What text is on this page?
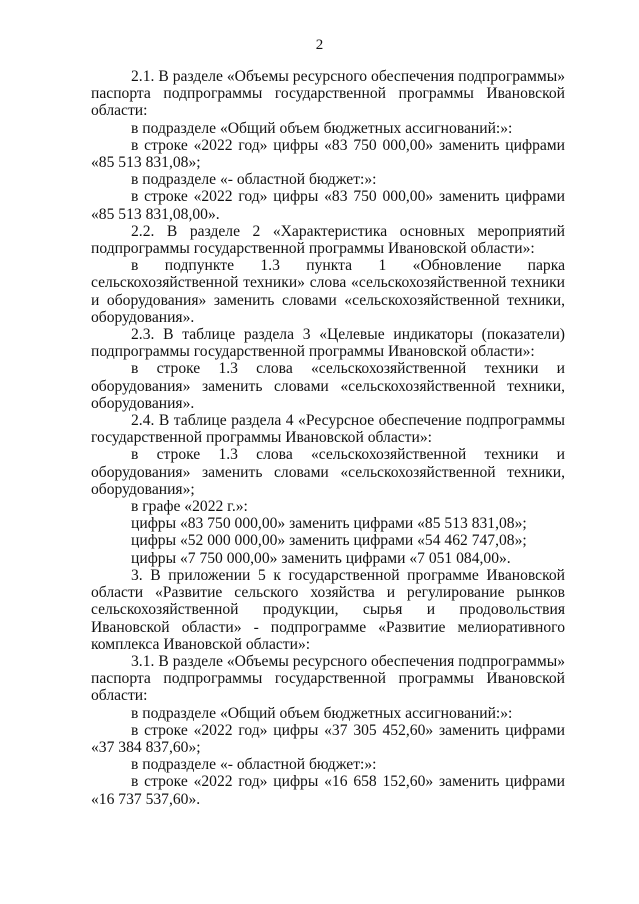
2

2.1. В разделе «Объемы ресурсного обеспечения подпрограммы» паспорта подпрограммы государственной программы Ивановской области:

в подразделе «Общий объем бюджетных ассигнований:»:

в строке «2022 год» цифры «83 750 000,00» заменить цифрами «85 513 831,08»;

в подразделе «- областной бюджет:»:

в строке «2022 год» цифры «83 750 000,00» заменить цифрами «85 513 831,08,00».

2.2. В разделе 2 «Характеристика основных мероприятий подпрограммы государственной программы Ивановской области»:

в подпункте 1.3 пункта 1 «Обновление парка сельскохозяйственной техники» слова «сельскохозяйственной техники и оборудования» заменить словами «сельскохозяйственной техники, оборудования».

2.3. В таблице раздела 3 «Целевые индикаторы (показатели) подпрограммы государственной программы Ивановской области»:

в строке 1.3 слова «сельскохозяйственной техники и оборудования» заменить словами «сельскохозяйственной техники, оборудования».

2.4. В таблице раздела 4 «Ресурсное обеспечение подпрограммы государственной программы Ивановской области»:

в строке 1.3 слова «сельскохозяйственной техники и оборудования» заменить словами «сельскохозяйственной техники, оборудования»;

в графе «2022 г.»:

цифры «83 750 000,00» заменить цифрами «85 513 831,08»;

цифры «52 000 000,00» заменить цифрами «54 462 747,08»;

цифры «7 750 000,00» заменить цифрами «7 051 084,00».

3. В приложении 5 к государственной программе Ивановской области «Развитие сельского хозяйства и регулирование рынков сельскохозяйственной продукции, сырья и продовольствия Ивановской области» - подпрограмме «Развитие мелиоративного комплекса Ивановской области»:

3.1. В разделе «Объемы ресурсного обеспечения подпрограммы» паспорта подпрограммы государственной программы Ивановской области:

в подразделе «Общий объем бюджетных ассигнований:»:

в строке «2022 год» цифры «37 305 452,60» заменить цифрами «37 384 837,60»;

в подразделе «- областной бюджет:»:

в строке «2022 год» цифры «16 658 152,60» заменить цифрами «16 737 537,60».
